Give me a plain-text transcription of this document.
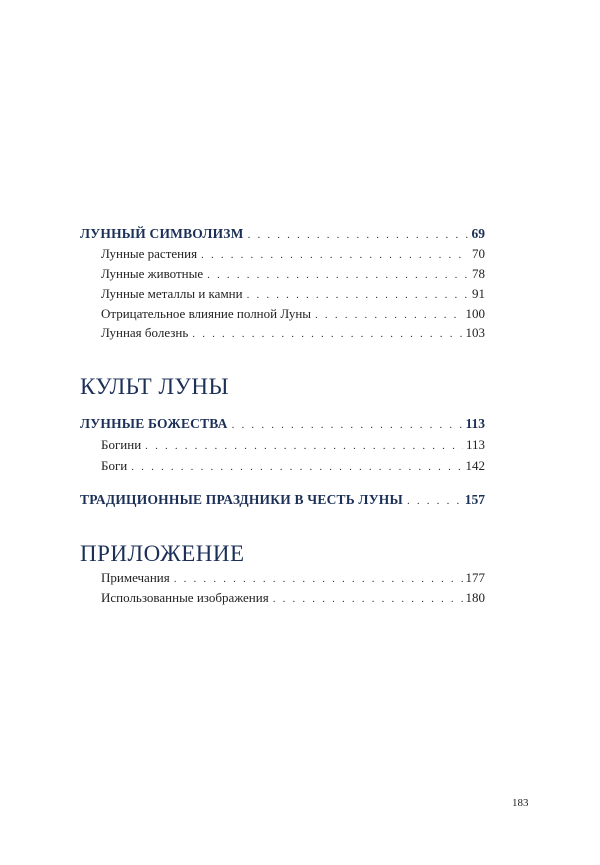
ЛУННЫЙ СИМВОЛИЗМ . . .	69
Лунные растения . . .	70
Лунные животные . . .	78
Лунные металлы и камни . . .	91
Отрицательное влияние полной Луны . . .	100
Лунная болезнь . . .	103
ЛУННЫЕ БОЖЕСТВА . . .	113
Богини . . .	113
Боги . . .	142
ТРАДИЦИОННЫЕ ПРАЗДНИКИ В ЧЕСТЬ ЛУНЫ . . .	157
Примечания . . .	177
Использованные изображения . . .	180
КУЛЬТ ЛУНЫ
ПРИЛОЖЕНИЕ
183
